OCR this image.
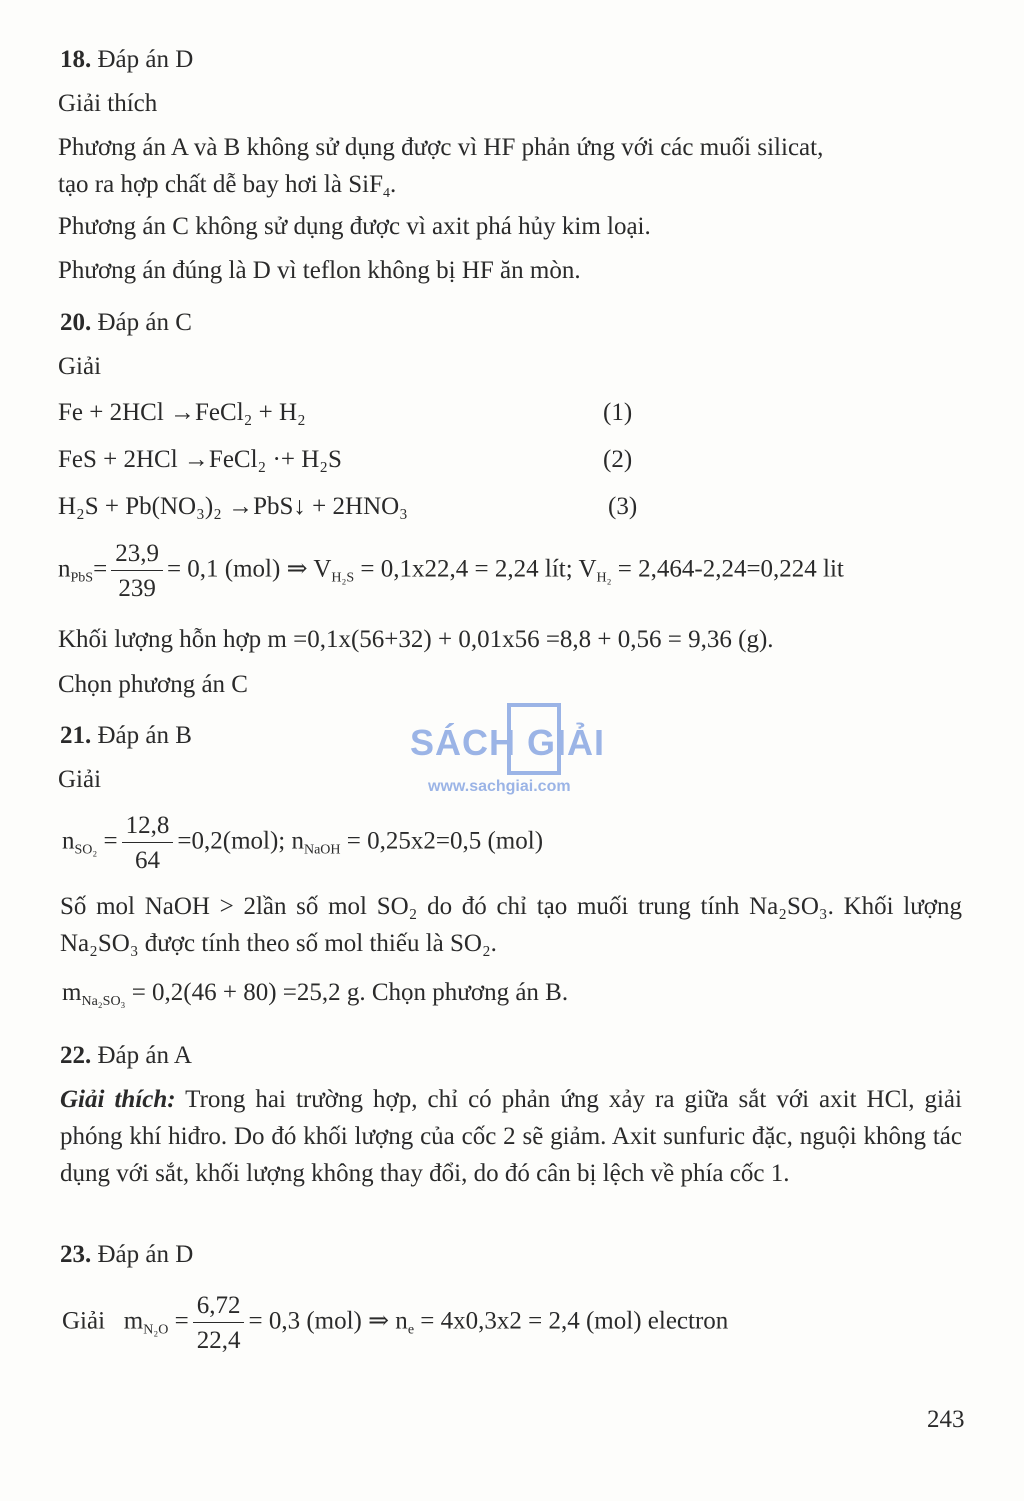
18. Đáp án D
Giải thích
Phương án A và B không sử dụng được vì HF phản ứng với các muối silicat,
tạo ra hợp chất dễ bay hơi là SiF$_4$.
Phương án C không sử dụng được vì axit phá hủy kim loại.
Phương án đúng là D vì teflon không bị HF ăn mòn.
20. Đáp án C
Giải
Fe + 2HCl →FeCl₂ + H₂	(1)
FeS + 2HCl →FeCl₂ ·+ H₂S	(2)
H₂S + Pb(NO₃)₂ →PbS↓ + 2HNO₃	(3)
$n_{PbS}= \frac{23,9}{239} = 0,1$ (mol) ⇒ $V_{H_2S} = 0,1x22,4 = 2,24$ lít; $V_{H_2} = 2,464-2,24=0,224$ lit
Khối lượng hỗn hợp m =0,1x(56+32) + 0,01x56 =8,8 + 0,56 = 9,36 (g).
Chọn phương án C
SÁCH GIẢI
www.sachgiai.com
21. Đáp án B
Giải
$n_{SO_2} = \frac{12,8}{64} =0,2(mol)$; $n_{NaOH} = 0,25x2=0,5$ (mol)
Số mol NaOH > 2lần số mol SO₂ do đó chỉ tạo muối trung tính Na₂SO₃. Khối lượng Na₂SO₃ được tính theo số mol thiếu là SO₂.
$m_{Na_2SO_3} = 0,2(46 + 80) =25,2$ g. Chọn phương án B.
22. Đáp án A
Giải thích: Trong hai trường hợp, chỉ có phản ứng xảy ra giữa sắt với axit HCl, giải phóng khí hiđro. Do đó khối lượng của cốc 2 sẽ giảm. Axit sunfuric đặc, nguội không tác dụng với sắt, khối lượng không thay đổi, do đó cân bị lệch về phía cốc 1.
23. Đáp án D
Giải $m_{N_2O} = \frac{6,72}{22,4} = 0,3$ (mol) ⇒ $n_e = 4x0,3x2 = 2,4$ (mol) electron
243
